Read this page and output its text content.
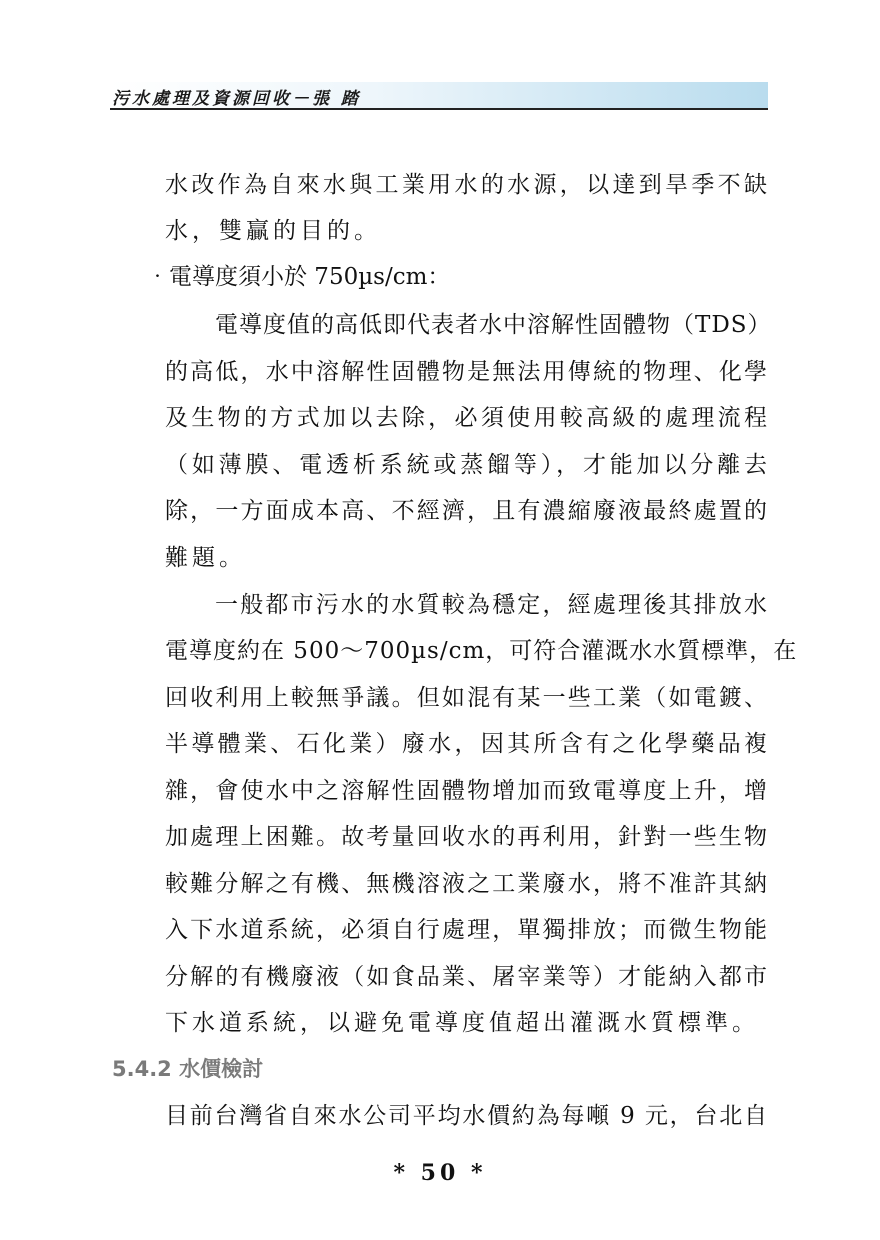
污水處理及資源回收－張 踏
水改作為自來水與工業用水的水源，以達到旱季不缺
水，雙贏的目的。
‧電導度須小於 750µs/cm：
電導度值的高低即代表者水中溶解性固體物（TDS）
的高低，水中溶解性固體物是無法用傳統的物理、化學
及生物的方式加以去除，必須使用較高級的處理流程
（如薄膜、電透析系統或蒸餾等），才能加以分離去
除，一方面成本高、不經濟，且有濃縮廢液最終處置的
難題。
一般都市污水的水質較為穩定，經處理後其排放水
電導度約在 500～700µs/cm，可符合灌溉水水質標準，在
回收利用上較無爭議。但如混有某一些工業（如電鍍、
半導體業、石化業）廢水，因其所含有之化學藥品複
雜，會使水中之溶解性固體物增加而致電導度上升，增
加處理上困難。故考量回收水的再利用，針對一些生物
較難分解之有機、無機溶液之工業廢水，將不准許其納
入下水道系統，必須自行處理，單獨排放；而微生物能
分解的有機廢液（如食品業、屠宰業等）才能納入都市
下水道系統，以避免電導度值超出灌溉水質標準。
5.4.2 水價檢討
目前台灣省自來水公司平均水價約為每噸 9 元，台北自
* 50 *
